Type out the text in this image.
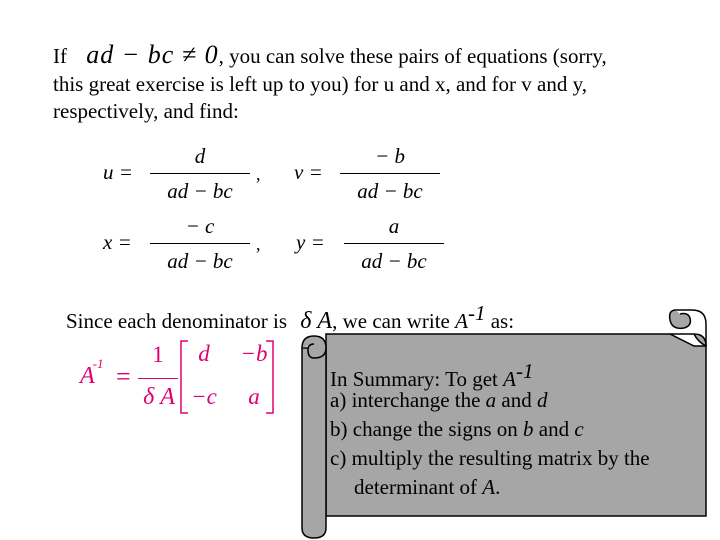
If ad − bc ≠ 0, you can solve these pairs of equations (sorry,
this great exercise is left up to you) for u and x, and for v and y,
respectively, and find:
u =
d
ad − bc
, v =
− b
ad − bc
x =
− c
ad − bc
, y =
a
ad − bc
Since each denominator is δ A, we can write $A^{-1}$ as:
$A^{-1}$ =
1
δ A
d −b
−c a
In Summary: To get $A^{-1}$
a) interchange the a and d
b) change the signs on b and c
c) multiply the resulting matrix by the
determinant of A.
